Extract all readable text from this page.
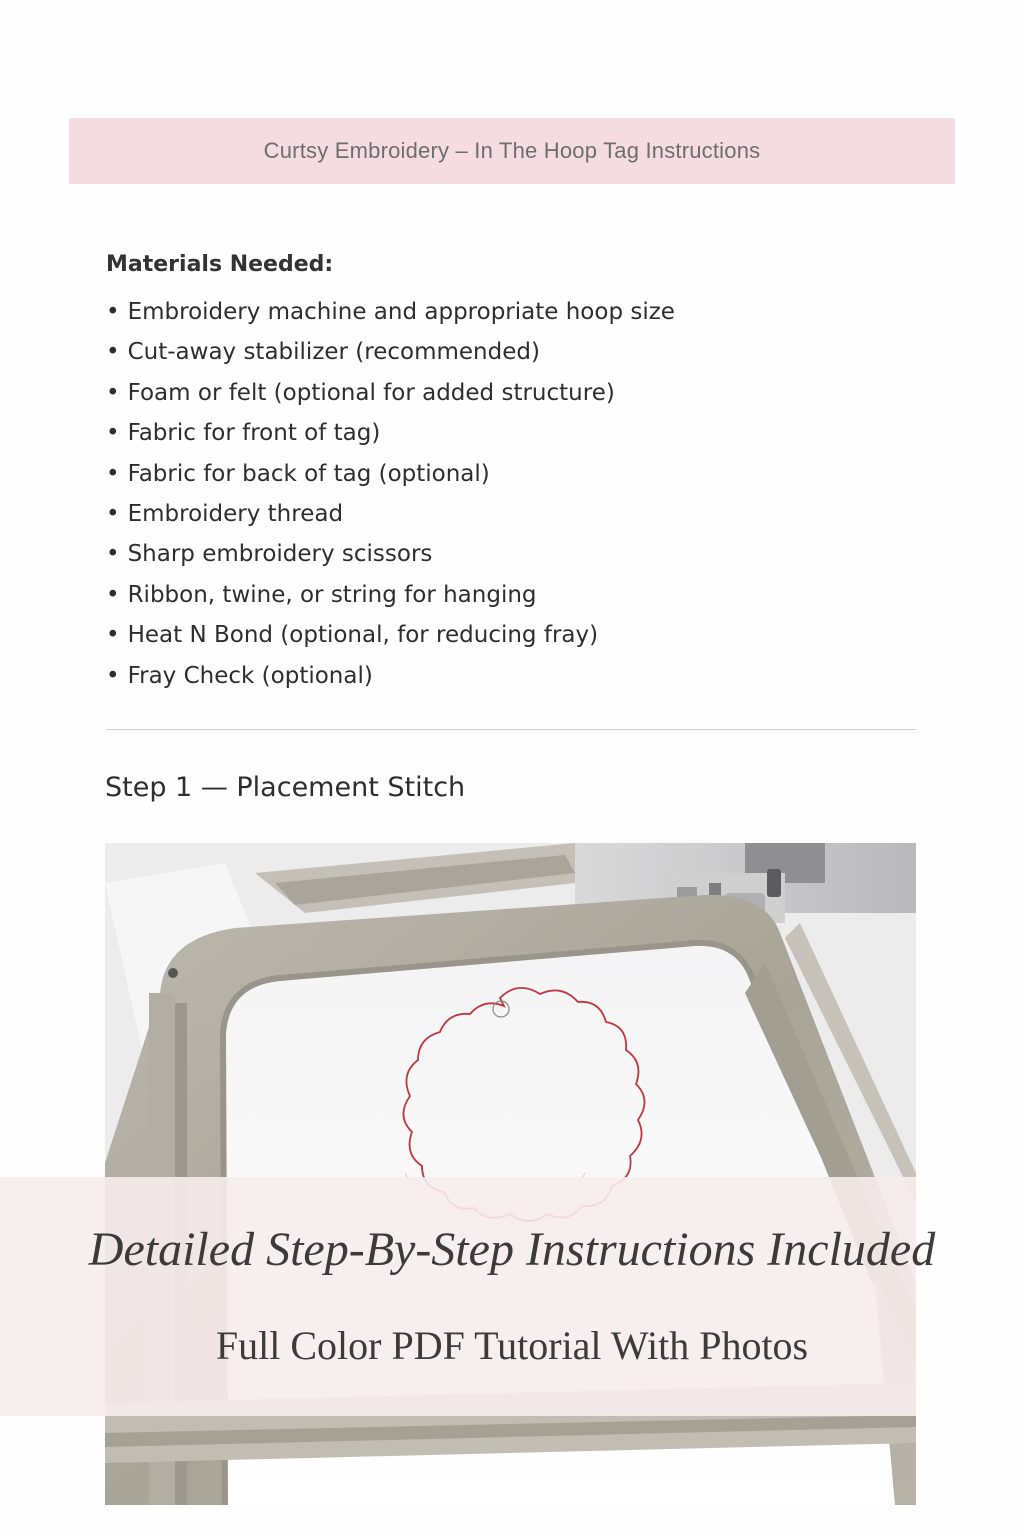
Curtsy Embroidery – In The Hoop Tag Instructions
Materials Needed:
• Embroidery machine and appropriate hoop size
• Cut-away stabilizer (recommended)
• Foam or felt (optional for added structure)
• Fabric for front of tag)
• Fabric for back of tag (optional)
• Embroidery thread
• Sharp embroidery scissors
• Ribbon, twine, or string for hanging
• Heat N Bond (optional, for reducing fray)
• Fray Check (optional)
Step 1 — Placement Stitch
Detailed Step-By-Step Instructions Included
Full Color PDF Tutorial With Photos
